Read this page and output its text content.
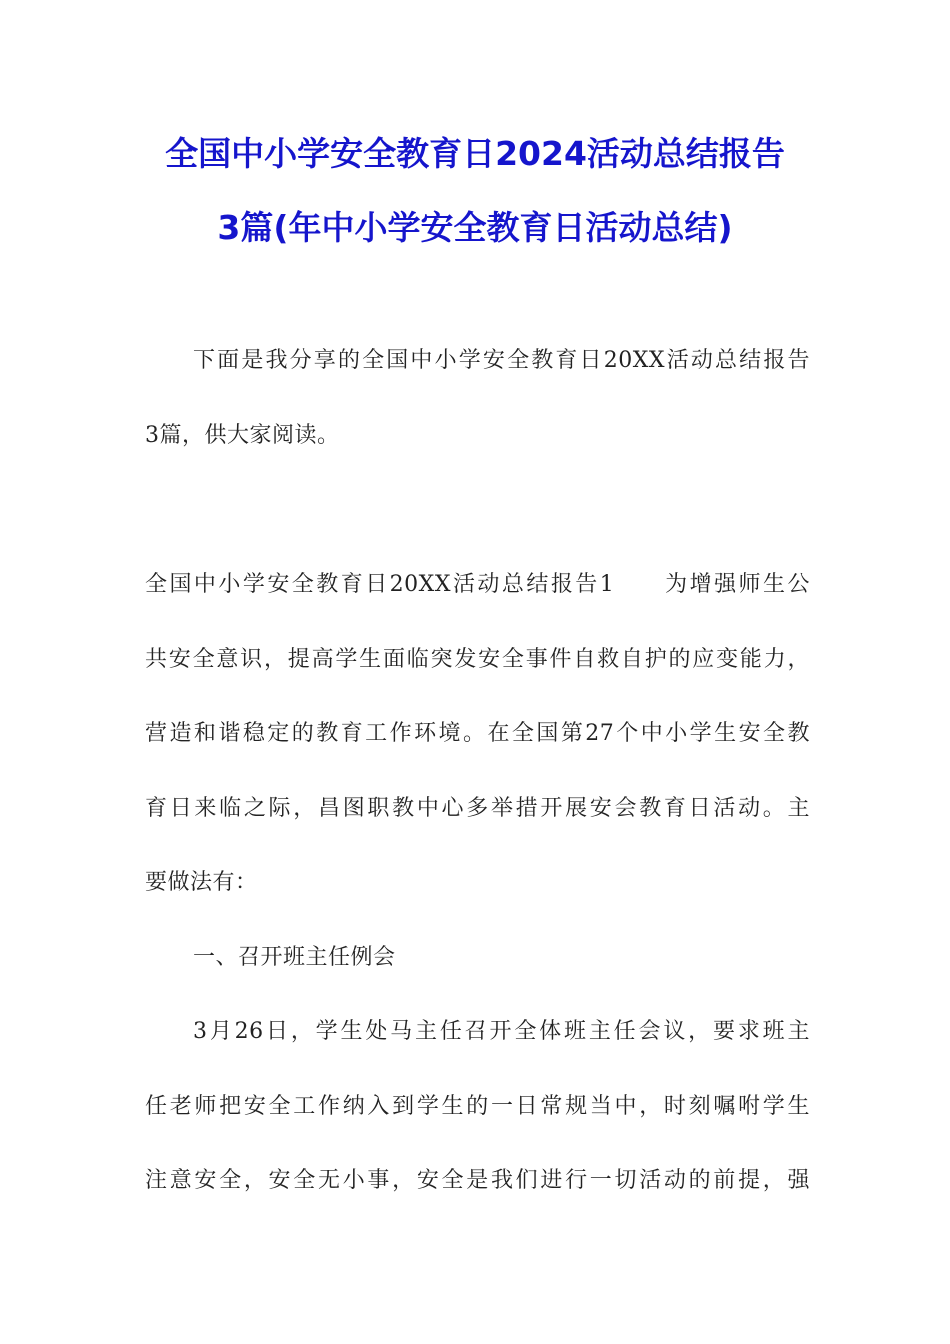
全国中小学安全教育日2024活动总结报告
3篇(年中小学安全教育日活动总结)
下面是我分享的全国中小学安全教育日20XX活动总结报告
3篇，供大家阅读。
全国中小学安全教育日20XX活动总结报告1　　为增强师生公
共安全意识，提高学生面临突发安全事件自救自护的应变能力，
营造和谐稳定的教育工作环境。在全国第27个中小学生安全教
育日来临之际，昌图职教中心多举措开展安会教育日活动。主
要做法有：
一、召开班主任例会
3月26日，学生处马主任召开全体班主任会议，要求班主
任老师把安全工作纳入到学生的一日常规当中，时刻嘱咐学生
注意安全，安全无小事，安全是我们进行一切活动的前提，强
